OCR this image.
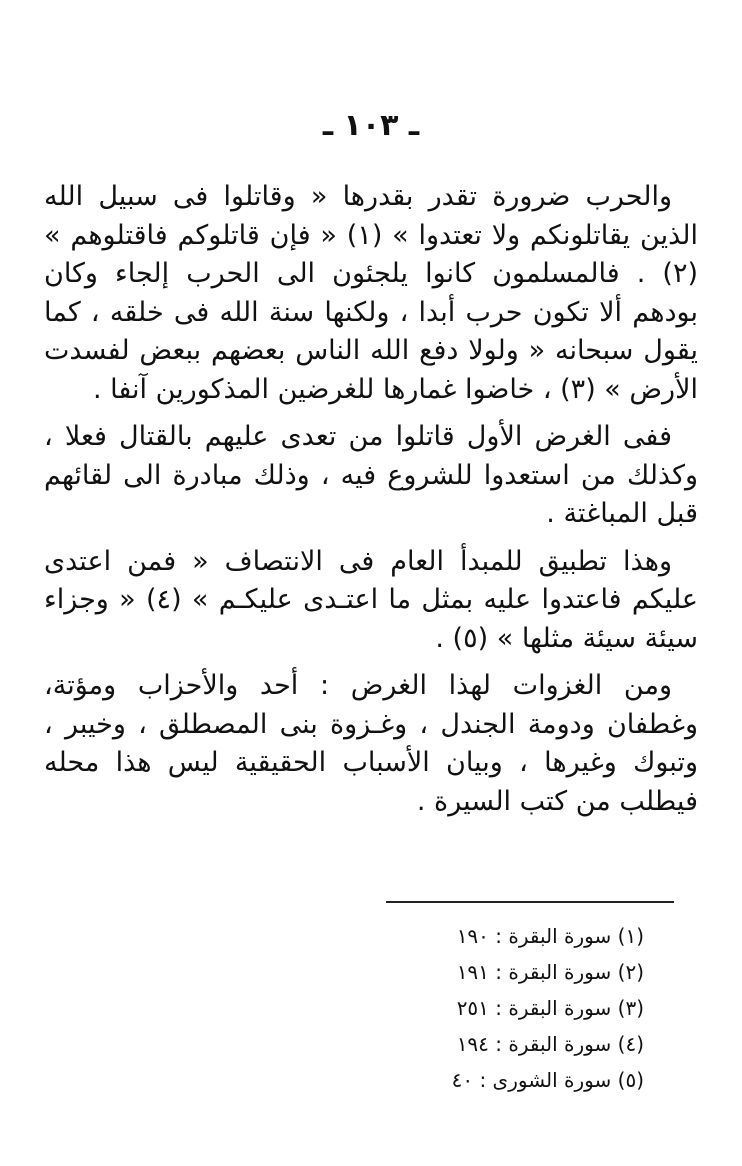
ـ ١٠٣ ـ

والحرب ضرورة تقدر بقدرها « وقاتلوا فى سبيل الله الذين يقاتلونكم ولا تعتدوا » (١) « فإن قاتلوكم فاقتلوهم » (٢) . فالمسلمون كانوا يلجئون الى الحرب إلجاء وكان بودهم ألا تكون حرب أبدا ، ولكنها سنة الله فى خلقه ، كما يقول سبحانه « ولولا دفع الله الناس بعضهم ببعض لفسدت الأرض » (٣) ، خاضوا غمارها للغرضين المذكورين آنفا .

ففى الغرض الأول قاتلوا من تعدى عليهم بالقتال فعلا ، وكذلك من استعدوا للشروع فيه ، وذلك مبادرة الى لقائهم قبل المباغتة .

وهذا تطبيق للمبدأ العام فى الانتصاف « فمن اعتدى عليكم فاعتدوا عليه بمثل ما اعتـدى عليكـم » (٤) « وجزاء سيئة سيئة مثلها » (٥) .

ومن الغزوات لهذا الغرض : أحد والأحزاب ومؤتة، وغطفان ودومة الجندل ، وغـزوة بنى المصطلق ، وخيبر ، وتبوك وغيرها ، وبيان الأسباب الحقيقية ليس هذا محله فيطلب من كتب السيرة .

(١) سورة البقرة : ١٩٠
(٢) سورة البقرة : ١٩١
(٣) سورة البقرة : ٢٥١
(٤) سورة البقرة : ١٩٤
(٥) سورة الشورى : ٤٠
